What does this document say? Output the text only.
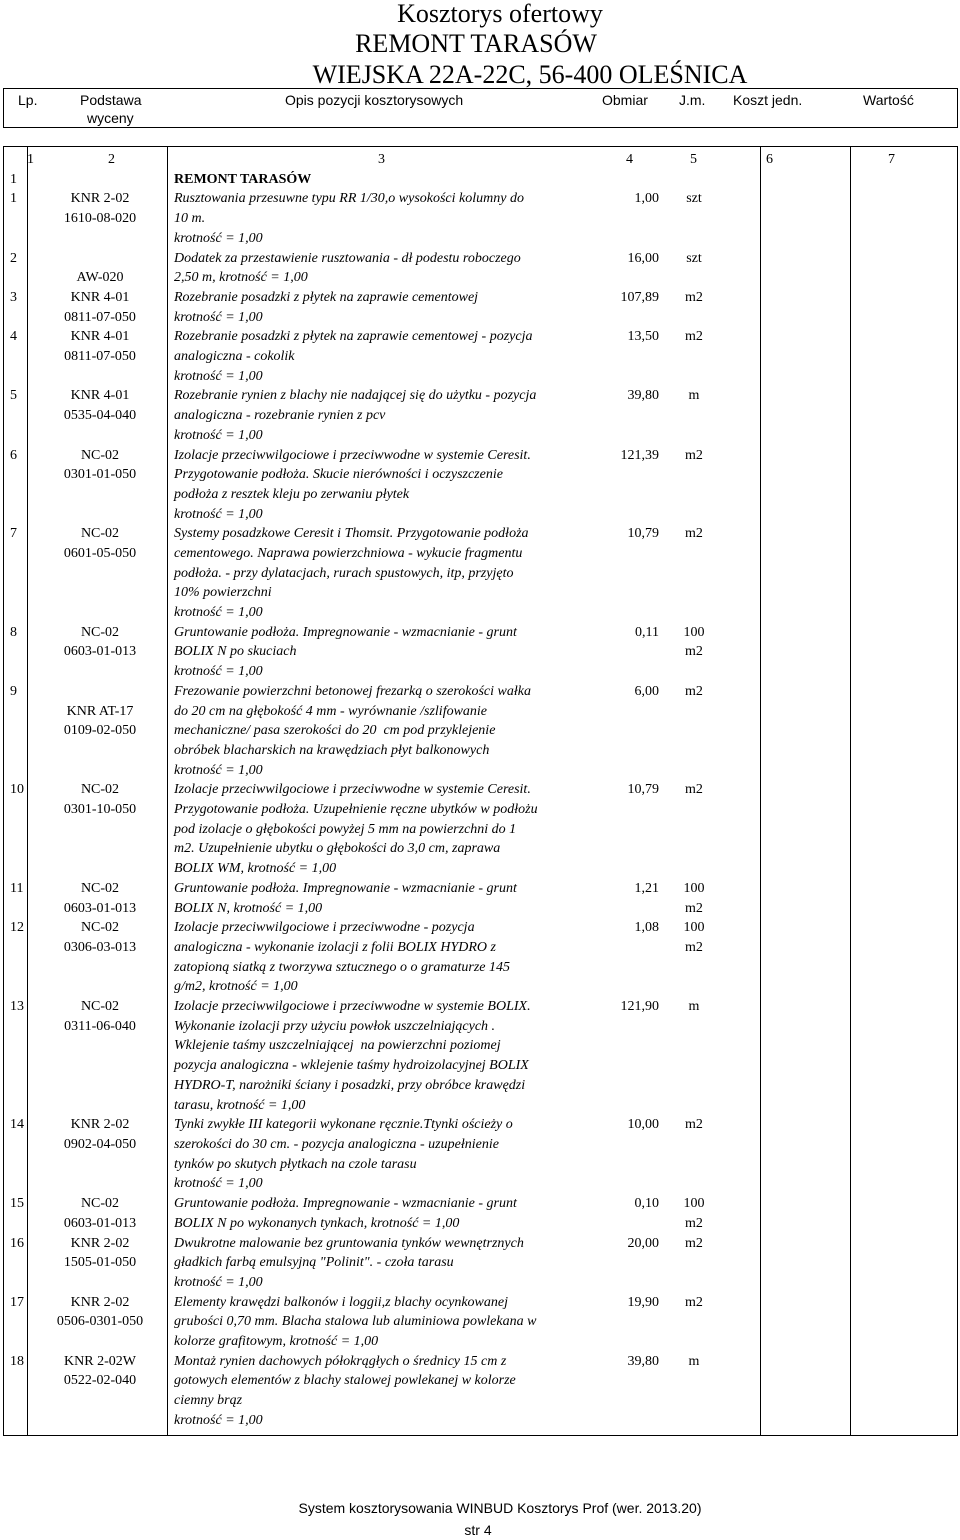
Kosztorys ofertowy
REMONT TARASÓW
WIEJSKA 22A-22C, 56-400 OLEŚNICA
Lp.	Podstawa
wyceny
Opis pozycji kosztorysowych	Obmiar J.m. Koszt jedn.	Wartość
1	2	3	4	5	6	7
1	REMONT TARASÓW
1	KNR 2-02
1610-08-020
Rusztowania przesuwne typu RR 1/30,o wysokości kolumny do
10 m.
krotność = 1,00
1,00	szt
2
AW-020
Dodatek za przestawienie rusztowania - dł podestu roboczego
2,50 m, krotność = 1,00
16,00	szt
3	KNR 4-01
0811-07-050
Rozebranie posadzki z płytek na zaprawie cementowej
krotność = 1,00
107,89	m2
4	KNR 4-01
0811-07-050
Rozebranie posadzki z płytek na zaprawie cementowej - pozycja
analogiczna - cokolik
krotność = 1,00
13,50	m2
5	KNR 4-01
0535-04-040
Rozebranie rynien z blachy nie nadającej się do użytku - pozycja
analogiczna - rozebranie rynien z pcv
krotność = 1,00
39,80	m
6	NC-02
0301-01-050
Izolacje przeciwwilgociowe i przeciwwodne w systemie Ceresit.
Przygotowanie podłoża. Skucie nierówności i oczyszczenie
podłoża z resztek kleju po zerwaniu płytek
krotność = 1,00
121,39	m2
7	NC-02
0601-05-050
Systemy posadzkowe Ceresit i Thomsit. Przygotowanie podłoża
cementowego. Naprawa powierzchniowa - wykucie fragmentu
podłoża. - przy dylatacjach, rurach spustowych, itp, przyjęto
10% powierzchni
krotność = 1,00
10,79	m2
8	NC-02
0603-01-013
Gruntowanie podłoża. Impregnowanie - wzmacnianie - grunt
BOLIX N po skuciach
krotność = 1,00
0,11	100
m2
9
KNR AT-17
0109-02-050
Frezowanie powierzchni betonowej frezarką o szerokości wałka
do 20 cm na głębokość 4 mm - wyrównanie /szlifowanie
mechaniczne/ pasa szerokości do 20  cm pod przyklejenie
obróbek blacharskich na krawędziach płyt balkonowych
krotność = 1,00
6,00	m2
10	NC-02
0301-10-050
Izolacje przeciwwilgociowe i przeciwwodne w systemie Ceresit.
Przygotowanie podłoża. Uzupełnienie ręczne ubytków w podłożu
pod izolacje o głębokości powyżej 5 mm na powierzchni do 1
m2. Uzupełnienie ubytku o głębokości do 3,0 cm, zaprawa
BOLIX WM, krotność = 1,00
10,79	m2
11	NC-02
0603-01-013
Gruntowanie podłoża. Impregnowanie - wzmacnianie - grunt
BOLIX N, krotność = 1,00
1,21	100
m2
12	NC-02
0306-03-013
Izolacje przeciwwilgociowe i przeciwwodne - pozycja
analogiczna - wykonanie izolacji z folii BOLIX HYDRO z
zatopioną siatką z tworzywa sztucznego o o gramaturze 145
g/m2, krotność = 1,00
1,08	100
m2
13	NC-02
0311-06-040
Izolacje przeciwwilgociowe i przeciwwodne w systemie BOLIX.
Wykonanie izolacji przy użyciu powłok uszczelniających .
Wklejenie taśmy uszczelniającej  na powierzchni poziomej
pozycja analogiczna - wklejenie taśmy hydroizolacyjnej BOLIX
HYDRO-T, narożniki ściany i posadzki, przy obróbce krawędzi
tarasu, krotność = 1,00
121,90	m
14	KNR 2-02
0902-04-050
Tynki zwykłe III kategorii wykonane ręcznie.Ttynki ościeży o
szerokości do 30 cm. - pozycja analogiczna - uzupełnienie
tynków po skutych płytkach na czole tarasu
krotność = 1,00
10,00	m2
15	NC-02
0603-01-013
Gruntowanie podłoża. Impregnowanie - wzmacnianie - grunt
BOLIX N po wykonanych tynkach, krotność = 1,00
0,10	100
m2
16	KNR 2-02
1505-01-050
Dwukrotne malowanie bez gruntowania tynków wewnętrznych
gładkich farbą emulsyjną "Polinit". - czoła tarasu
krotność = 1,00
20,00	m2
17	KNR 2-02
0506-0301-050
Elementy krawędzi balkonów i loggii,z blachy ocynkowanej
grubości 0,70 mm. Blacha stalowa lub aluminiowa powlekana w
kolorze grafitowym, krotność = 1,00
19,90	m2
18	KNR 2-02W
0522-02-040
Montaż rynien dachowych półokrągłych o średnicy 15 cm z
gotowych elementów z blachy stalowej powlekanej w kolorze
ciemny brąz
krotność = 1,00
39,80	m
System kosztorysowania WINBUD Kosztorys Prof (wer. 2013.20)
str 4
